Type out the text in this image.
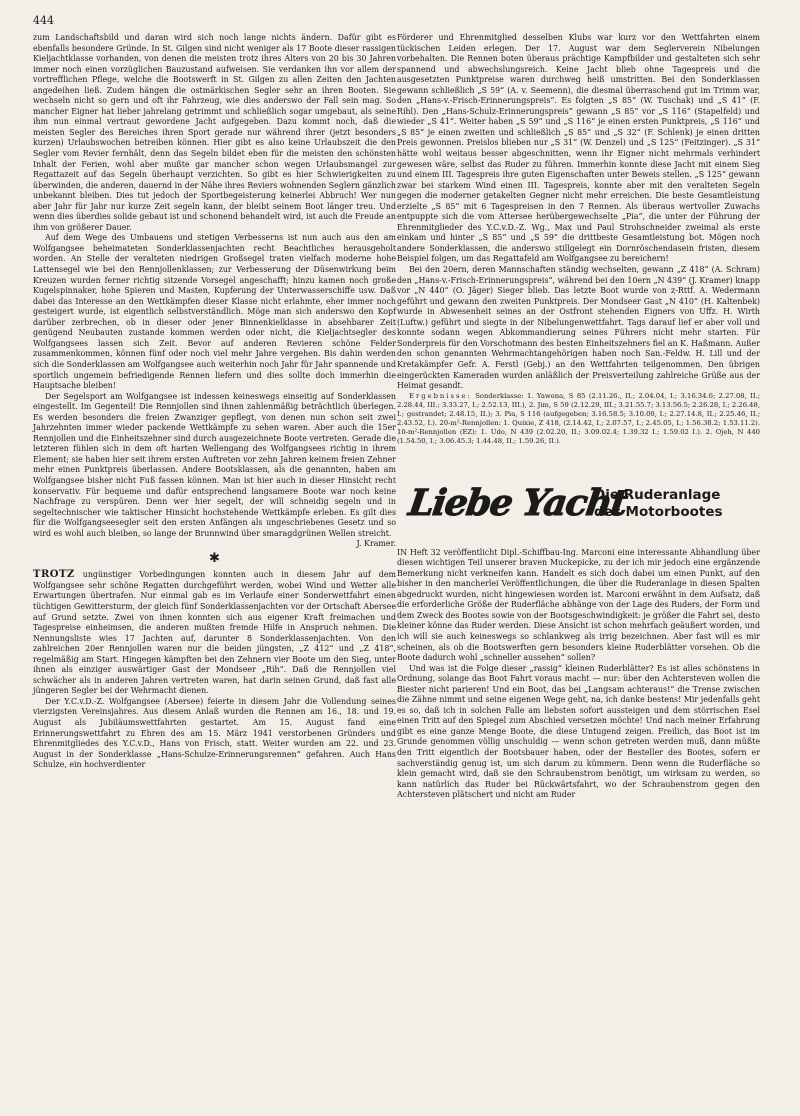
444

zum Landschaftsbild und daran wird sich noch lange nichts ändern. Dafür gibt es ebenfalls besondere Gründe. In St. Gilgen sind nicht weniger als 17 Boote dieser rassigen Kieljachtklasse vorhanden, von denen die meisten trotz ihres Alters von 20 bis 30 Jahren immer noch einen vorzüglichen Bauzustand aufweisen. Sie verdanken ihn vor allem der vortrefflichen Pflege, welche die Bootswerft in St. Gilgen zu allen Zeiten den Jachten angedeihen ließ. Zudem hängen die ostmärkischen Segler sehr an ihren Booten. Sie wechseln nicht so gern und oft ihr Fahrzeug, wie dies anderswo der Fall sein mag. So mancher Eigner hat lieber jahrelang getrimmt und schließlich sogar umgebaut, als seine ihm nun einmal vertraut gewordene Jacht aufgegeben. Dazu kommt noch, daß die meisten Segler des Bereiches ihren Sport gerade nur während ihrer (jetzt besonders kurzen) Urlaubswochen betreiben können. Hier gibt es also keine Urlaubszeit die den Segler vom Revier fernhält, denn das Segeln bildet eben für die meisten den schönsten Inhalt der Ferien, wohl aber mußte gar mancher schon wegen Urlaubsmangel zur Regattazeit auf das Segeln überhaupt verzichten. So gibt es hier Schwierigkeiten zu überwinden, die anderen, dauernd in der Nähe ihres Reviers wohnenden Seglern gänzlich unbekannt bleiben. Dies tut jedoch der Sportbegeisterung keinerlei Abbruch! Wer nun aber Jahr für Jahr nur kurze Zeit segeln kann, der bleibt seinem Boot länger treu. Und wenn dies überdies solide gebaut ist und schonend behandelt wird, ist auch die Freude an ihm von größerer Dauer.

Auf dem Wege des Umbauens und stetigen Verbesserns ist nun auch aus den am Wolfgangsee beheimateten Sonderklassenjachten recht Beachtliches herausgeholt worden. An Stelle der veralteten niedrigen Großsegel traten vielfach moderne hohe Lattensegel wie bei den Rennjollenklassen; zur Verbesserung der Düsenwirkung beim Kreuzen wurden ferner richtig sitzende Vorsegel angeschafft; hinzu kamen noch große Kugelspinnaker, hohe Spieren und Masten, Kupferung der Unterwasserschiffe usw. Daß dabei das Interesse an den Wettkämpfen dieser Klasse nicht erlahmte, eher immer noch gesteigert wurde, ist eigentlich selbstverständlich. Möge man sich anderswo den Kopf darüber zerbrechen, ob in dieser oder jener Binnenkielklasse in absehbarer Zeit genügend Neubauten zustande kommen werden oder nicht, die Kieljachtsegler des Wolfgangsees lassen sich Zeit. Bevor auf anderen Revieren schöne Felder zusammenkommen, können fünf oder noch viel mehr Jahre vergehen. Bis dahin werden sich die Sonderklassen am Wolfgangsee auch weiterhin noch Jahr für Jahr spannende und sportlich ungemein befriedigende Rennen liefern und dies sollte doch immerhin die Hauptsache bleiben!

Der Segelsport am Wolfgangsee ist indessen keineswegs einseitig auf Sonderklassen eingestellt. Im Gegenteil! Die Rennjollen sind ihnen zahlenmäßig beträchtlich überlegen. Es werden besonders die freien Zwanziger gepflegt, von denen nun schon seit zwei Jahrzehnten immer wieder packende Wettkämpfe zu sehen waren. Aber auch die 15er Rennjollen und die Einheitszehner sind durch ausgezeichnete Boote vertreten. Gerade die letzteren fühlen sich in dem oft harten Wellengang des Wolfgangsees richtig in ihrem Element; sie haben hier seit ihrem ersten Auftreten vor zehn Jahren keinem freien Zehner mehr einen Punktpreis überlassen. Andere Bootsklassen, als die genannten, haben am Wolfgangsee bisher nicht Fuß fassen können. Man ist hier auch in dieser Hinsicht recht konservativ. Für bequeme und dafür entsprechend langsamere Boote war noch keine Nachfrage zu verspüren. Denn wer hier segelt, der will schneidig segeln und in segeltechnischer wie taktischer Hinsicht hochstehende Wettkämpfe erleben. Es gilt dies für die Wolfgangseesegler seit den ersten Anfängen als ungeschriebenes Gesetz und so wird es wohl auch bleiben, so lange der Brunnwind über smaragdgrünen Wellen streicht.

J. Kramer.

✱

TROTZ ungünstiger Vorbedingungen konnten auch in diesem Jahr auf dem Wolfgangsee sehr schöne Regatten durchgeführt werden, wobei Wind und Wetter alle Erwartungen übertrafen. Nur einmal gab es im Verlaufe einer Sonderwettfahrt einen tüchtigen Gewittersturm, der gleich fünf Sonderklassenjachten vor der Ortschaft Abersee auf Grund setzte. Zwei von ihnen konnten sich aus eigener Kraft freimachen und Tagespreise einheimsen, die anderen mußten fremde Hilfe in Anspruch nehmen. Die Nennungsliste wies 17 Jachten auf, darunter 8 Sonderklassenjachten. Von den zahlreichen 20er Rennjollen waren nur die beiden jüngsten, „Z 412“ und „Z 418“, regelmäßig am Start. Hingegen kämpften bei den Zehnern vier Boote um den Sieg, unter ihnen als einziger auswärtiger Gast der Mondseer „Rih“. Daß die Rennjollen viel schwächer als in anderen Jahren vertreten waren, hat darin seinen Grund, daß fast alle jüngeren Segler bei der Wehrmacht dienen.

Der Y.C.v.D.-Z. Wolfgangsee (Abersee) feierte in diesem Jahr die Vollendung seines vierzigsten Vereinsjahres. Aus diesem Anlaß wurden die Rennen am 16., 18. und 19. August als Jubiläumswettfahrten gestartet. Am 15. August fand eine Erinnerungswettfahrt zu Ehren des am 15. März 1941 verstorbenen Gründers und Ehrenmitgliedes des Y.C.v.D., Hans von Frisch, statt. Weiter wurden am 22. und 23. August in der Sonderklasse „Hans-Schulze-Erinnerungsrennen“ gefahren. Auch Hans Schulze, ein hochverdienter

Förderer und Ehrenmitglied desselben Klubs war kurz vor den Wettfahrten einem tückischen Leiden erlegen. Der 17. August war dem Seglerverein Nibelungen vorbehalten. Die Rennen boten überaus prächtige Kampfbilder und gestalteten sich sehr spannend und abwechslungsreich. Keine Jacht blieb ohne Tagespreis und die ausgesetzten Punktpreise waren durchweg heiß umstritten. Bei den Sonderklassen gewann schließlich „S 59“ (A. v. Seemenn), die diesmal überraschend gut im Trimm war, den „Hans-v.-Frisch-Erinnerungspreis“. Es folgten „S 85“ (W. Tuschak) und „S 41“ (F. Rihl). Den „Hans-Schulz-Erinnerungspreis“ gewann „S 85“ vor „S 116“ (Stapelfeld) und wieder „S 41“. Weiter haben „S 59“ und „S 116“ je einen ersten Punktpreis, „S 116“ und „S 85“ je einen zweiten und schließlich „S 85“ und „S 32“ (F. Schlenk) je einen dritten Preis gewonnen. Preislos blieben nur „S 31“ (W. Denzel) und „S 125“ (Feitzinger). „S 31“ hätte wohl weitaus besser abgeschnitten, wenn ihr Eigner nicht mehrmals verhindert gewesen wäre, selbst das Ruder zu führen. Immerhin konnte diese Jacht mit einem Sieg und einem III. Tagespreis ihre guten Eigenschaften unter Beweis stellen. „S 125“ gewann zwar bei starkem Wind einen III. Tagespreis, konnte aber mit den veralteten Segeln gegen die moderner getakelten Gegner nicht mehr erreichen. Die beste Gesamtleistung erzielte „S 85“ mit 6 Tagespreisen in den 7 Rennen. Als überaus wertvoller Zuwachs entpuppte sich die vom Attersee herübergewechselte „Pia“, die unter der Führung der Ehrenmitglieder des Y.C.v.D.-Z. Wg., Max und Paul Strohschneider zweimal als erste einkam und hinter „S 85“ und „S 59“ die drittbeste Gesamtleistung bot. Mögen noch andere Sonderklassen, die anderswo stillgelegt ein Dornröschendasein fristen, diesem Beispiel folgen, um das Regattafeld am Wolfgangsee zu bereichern!

Bei den 20ern, deren Mannschaften ständig wechselten, gewann „Z 418“ (A. Schram) den „Hans-v.-Frisch-Erinnerungspreis“, während bei den 10ern „N 439“ (J. Kramer) knapp vor „N 440“ (O. Jäger) Sieger blieb. Das letzte Boot wurde von ⱬ-Rttf. A. Wedermann geführt und gewann den zweiten Punktpreis. Der Mondseer Gast „N 410“ (H. Kaltenbek) wurde in Abwesenheit seines an der Ostfront stehenden Eigners von Uffz. H. Wirth (Luftw.) geführt und siegte in der Nibelungenwettfahrt. Tags darauf lief er aber voll und konnte sodann wegen Abkommandierung seines Führers nicht mehr starten. Für Sonderpreis für den Vorschotmann des besten Einheitszehners fiel an K. Haßmann. Außer den schon genannten Wehrmachtangehörigen haben noch San.-Feldw. H. Lill und der Kretakämpfer Gefr. A. Ferstl (Gebj.) an den Wettfahrten teilgenommen. Den übrigen eingerückten Kameraden wurden anläßlich der Preisverteilung zahlreiche Grüße aus der Heimat gesandt.

Ergebnisse: Sonderklasse: 1. Yawena, S 85 (2.11.26., II.; 2.04.04, I.; 3.16.34.6; 2.27.08, II.; 2.28.44, III.; 3.33.27, I.; 2.52.13, III.), 2. Jim, S 59 (2.12.29, III.; 3.21.55.7; 3.13.56.5; 2.26.28, I.; 2.26.48, I.; gestrandet; 2.48.15, II.); 3. Pia, S 116 (aufgegeben; 3.16.58.5; 3.10.00, I.; 2.27.14.8, II.; 2.25.46, II.; 2.43.52, I.). 20-m²-Rennjollen: 1. Quixie, Z 418, (2.14.42, I.; 2.07.57, I.; 2.45.05, I.; 1.56.38.2; 1.53.11.2). 10-m²-Rennjollen (EZ): 1. Udo, N 439 (2.02.20, II.; 3.09.02.4; 1.39.32 I.; 1.59.02 I.). 2. Ojeh, N 440 (1.54.50, I.; 3.06.45.3; 1.44.48, II.; 1.59.26, II.).

Liebe Yacht
Die Ruderanlage
des Motorbootes

IN Heft 32 veröffentlicht Dipl.-Schiffbau-Ing. Marconi eine interessante Abhandlung über diesen wichtigen Teil unserer braven Muckepicke, zu der ich mir jedoch eine ergänzende Bemerkung nicht verkneifen kann. Handelt es sich doch dabei um einen Punkt, auf den bisher in den mancherlei Veröffentlichungen, die über die Ruderanlage in diesen Spalten abgedruckt wurden, nicht hingewiesen worden ist. Marconi erwähnt in dem Aufsatz, daß die erforderliche Größe der Ruderfläche abhänge von der Lage des Ruders, der Form und dem Zweck des Bootes sowie von der Bootsgeschwindigkeit: je größer die Fahrt sei, desto kleiner könne das Ruder werden. Diese Ansicht ist schon mehrfach geäußert worden, und ich will sie auch keineswegs so schlankweg als irrig bezeichnen. Aber fast will es mir scheinen, als ob die Bootswerften gern besonders kleine Ruderblätter vorsehen. Ob die Boote dadurch wohl „schneller aussehen“ sollen?

Und was ist die Folge dieser „rassig“ kleinen Ruderblätter? Es ist alles schönstens in Ordnung, solange das Boot Fahrt voraus macht — nur: über den Achtersteven wollen die Biester nicht parieren! Und ein Boot, das bei „Langsam achteraus!“ die Trense zwischen die Zähne nimmt und seine eigenen Wege geht, na, ich danke bestens! Mir jedenfalls geht es so, daß ich in solchen Falle am liebsten sofort aussteigen und dem störrischen Esel einen Tritt auf den Spiegel zum Abschied versetzen möchte! Und nach meiner Erfahrung gibt es eine ganze Menge Boote, die diese Untugend zeigen. Freilich, das Boot ist im Grunde genommen völlig unschuldig — wenn schon getreten werden muß, dann müßte den Tritt eigentlich der Bootsbauer haben, oder der Besteller des Bootes, sofern er sachverständig genug ist, um sich darum zu kümmern. Denn wenn die Ruderfläche so klein gemacht wird, daß sie den Schraubenstrom benötigt, um wirksam zu werden, so kann natürlich das Ruder bei Rückwärtsfahrt, wo der Schraubenstrom gegen den Achtersteven plätschert und nicht am Ruder
